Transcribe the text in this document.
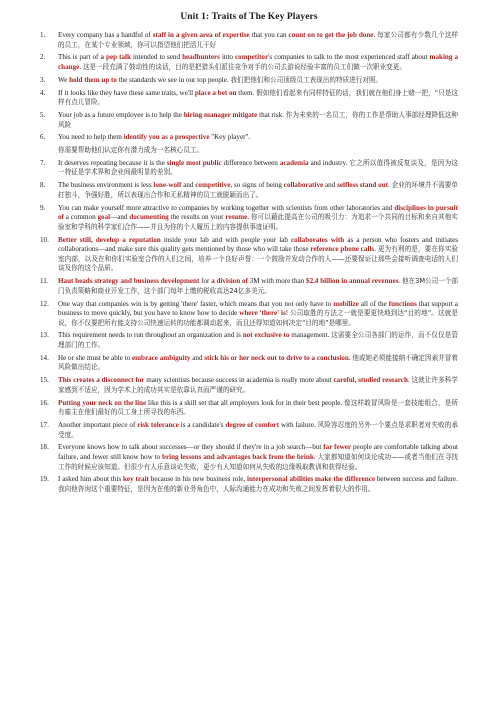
Unit 1: Traits of The Key Players
1.	Every company has a handful of staff in a given area of expertise that you can count on to get the job done. 每家公司都有少数几个这样的员工，在某个专业领域，你可以指望他们把活儿干好
2.	This is part of a pep talk intended to send headhunters into competitor's companies to talk to the most experienced staff about making a change. 这是一段充满了鼓动性的谈话，目的是把猎头们派往竞争对手的公司去游说经验丰富的员工们做一次职业变更。
3.	We hold them up to the standards we see in our top people. 我们把他们和公司顶级员工表现出的特质进行对照。
4.	If it looks like they have these same traits, we'll place a bet on them. 假如他们看起来有同样特征的话，我们就在他们身上赌一把，“只是这样有点儿冒险。
5.	Your job as a future employee is to help the hiring manager mitigate that risk. 作为未来的一名员工，你的工作是帮助人事部经理降低这种风险
6.	You need to help them identify you as a prospective "Key player".
你需要帮助他们认定你有潜力成为一名核心员工。
7.	It deserves repeating because it is the single most public difference between academia and industry. 它之所以值得被反复谈及，是因为这一特征是学术界和企业间最明显的差别。
8.	The business environment is less lone-wolf and competitive, so signs of being collaborative and selfless stand out. 企业的环境并不需要单打独斗，争强好胜，所以表现出合作和无私精神的员工就脱颖而出了。
9.	You can make yourself more attractive to companies by working together with scientists from other laboratories and disciplines in pursuit of a common goal—and documenting the results on your resume. 你可以藉此提高在公司的吸引力：为追求一个共同的目标和来自其他实验室和学科的科学家们合作——并且为你的个人履历上的内容提供事迹证明。
10.	Better still, develop a reputation inside your lab and with people your lab collaborates with as a person who fosters and initiates collaborations—and make sure this quality gets mentioned by those who will take those reference phone calls. 更为有利的是，要在你实验室内部，以及在和你们实验室合作的人们之间，培养一个良好声誉：一个鼓励并发动合作的人——还要保证让那些会接听调查电话的人们谈及你的这个品质。
11.	Haut heads strategy and business development for a division of 3M with more than $2.4 billion in annual revenues. 他在3M公司一个部门负责策略和商业开发工作，这个部门每年上缴的税收高达24亿多美元。
12.	One way that companies win is by getting 'there' faster, which means that you not only have to mobilize all of the functions that support a business to move quickly, but you have to know how to decide where 'there' is! 公司取胜的方法之一就是要更快地到达“目的地”。这就是说，你不仅要把所有能支持公司快速运转的功能都调动起来，而且还得知道如何决定“目的地”是哪里。
13.	This requirement needs to run throughout an organization and is not exclusive to management. 这需要全公司各部门的运作，而不仅仅是管理部门的工作。
14.	He or she must be able to embrace ambiguity and stick his or her neck out to drive to a conclusion. 他或她必须能接纳不确定因素并冒着风险做出结论。
15.	This creates a disconnect for many scientists because success in academia is really more about careful, studied research. 这就让许多科学家感到不适应，因为学术上的成功其实是依靠认真而严谨的研究。
16.	Putting your neck on the line like this is a skill set that all employers look for in their best people. 像这样敢冒风险是一套技能组合，是所有雇主在他们最好的员工身上所寻找的东西。
17.	Another important piece of risk tolerance is a candidate's degree of comfort with failure. 风险容忍度的另外一个要点是求职者对失败的承受度。
18.	Everyone knows how to talk about successes—or they should if they're in a job search—but far fewer people are comfortable talking about failure, and fewer still know how to bring lessons and advantages back from the brink. 大家都知道如何谈论成功——或者当他们在寻找工作的时候应该知道。但很少有人乐意谈论失败，更少有人知道如何从失败的边缘吸取教训和获得经验。
19.	I asked him about this key trait because in his new business role, interpersonal abilities make the difference between success and failure. 我向他咨询这个重要特征，是因为在他的新业务角色中，人际沟通能力在成功和失败之间发挥着很大的作用。
